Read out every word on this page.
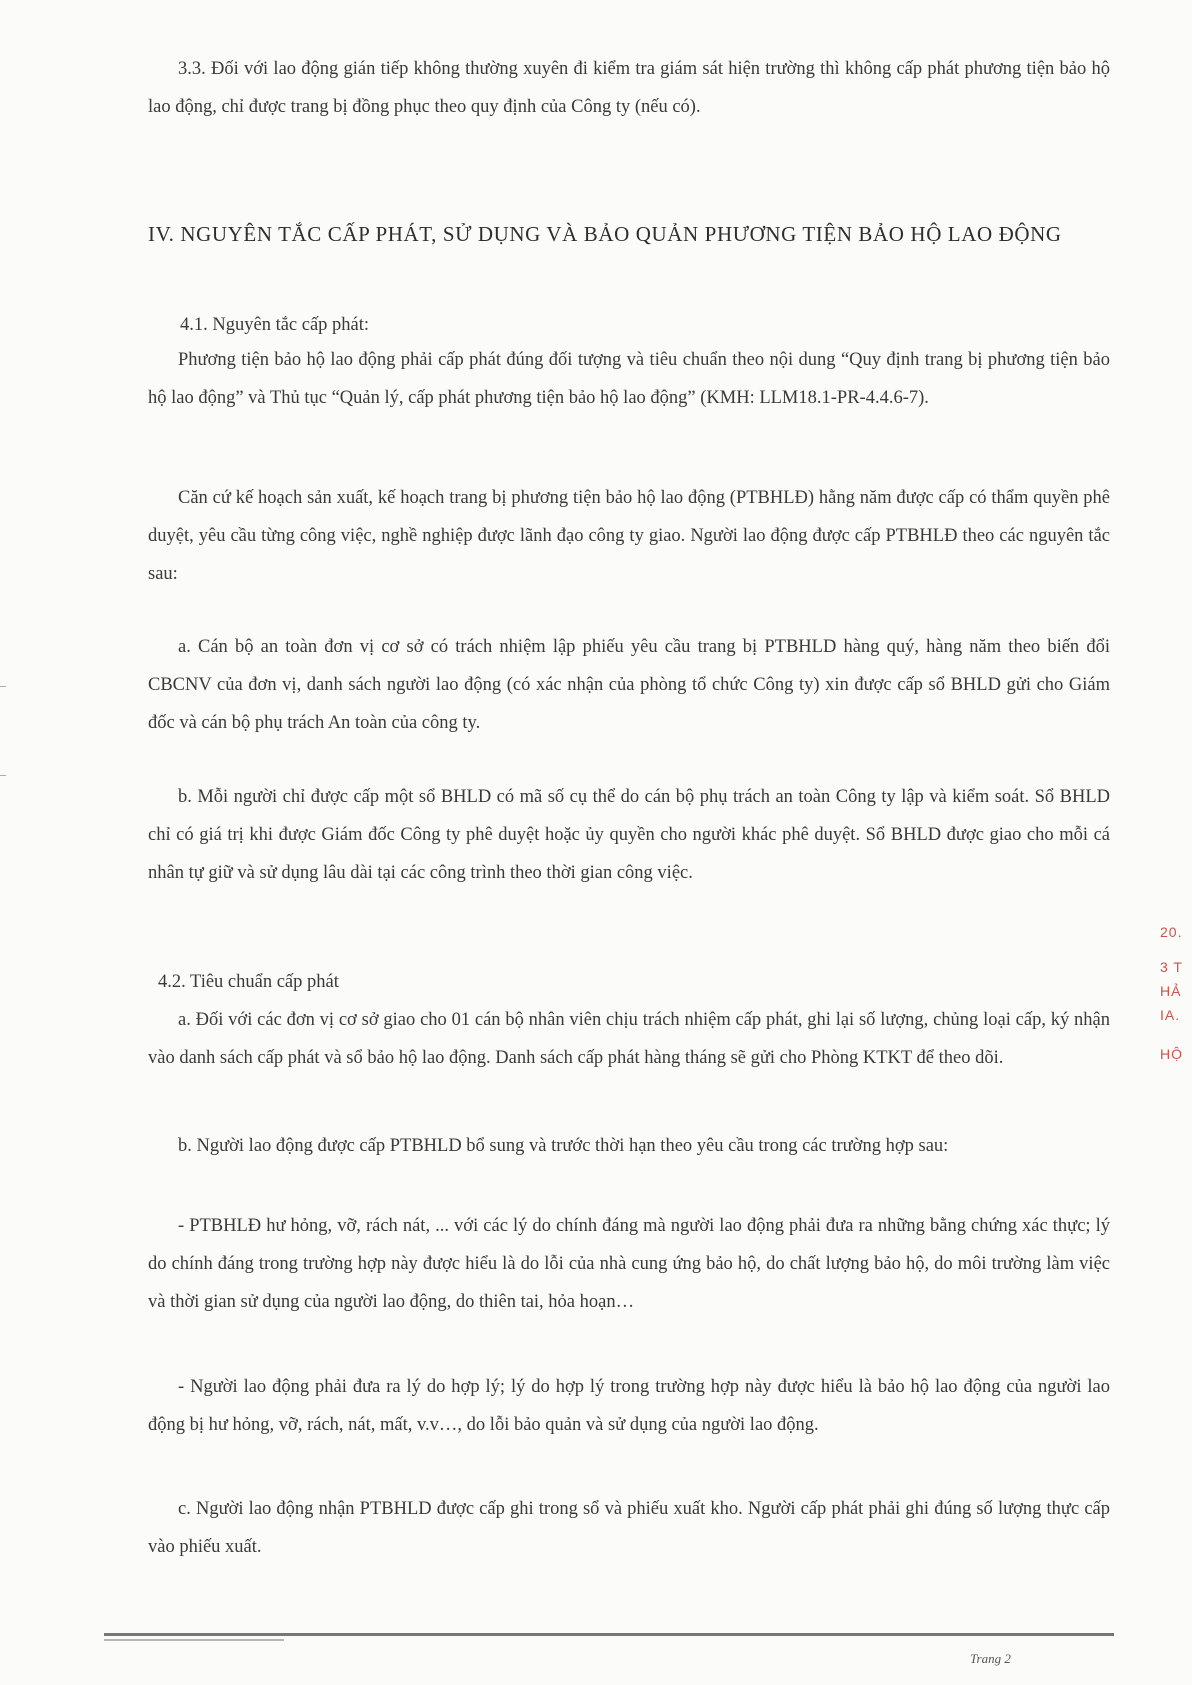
3.3. Đối với lao động gián tiếp không thường xuyên đi kiểm tra giám sát hiện trường thì không cấp phát phương tiện bảo hộ lao động, chỉ được trang bị đồng phục theo quy định của Công ty (nếu có).

IV. NGUYÊN TẮC CẤP PHÁT, SỬ DỤNG VÀ BẢO QUẢN PHƯƠNG TIỆN BẢO HỘ LAO ĐỘNG

4.1. Nguyên tắc cấp phát:

Phương tiện bảo hộ lao động phải cấp phát đúng đối tượng và tiêu chuẩn theo nội dung “Quy định trang bị phương tiện bảo hộ lao động” và Thủ tục “Quản lý, cấp phát phương tiện bảo hộ lao động” (KMH: LLM18.1-PR-4.4.6-7).

Căn cứ kế hoạch sản xuất, kế hoạch trang bị phương tiện bảo hộ lao động (PTBHLĐ) hằng năm được cấp có thẩm quyền phê duyệt, yêu cầu từng công việc, nghề nghiệp được lãnh đạo công ty giao. Người lao động được cấp PTBHLĐ theo các nguyên tắc sau:

a. Cán bộ an toàn đơn vị cơ sở có trách nhiệm lập phiếu yêu cầu trang bị PTBHLD hàng quý, hàng năm theo biến đổi CBCNV của đơn vị, danh sách người lao động (có xác nhận của phòng tổ chức Công ty) xin được cấp sổ BHLD gửi cho Giám đốc và cán bộ phụ trách An toàn của công ty.

b. Mỗi người chỉ được cấp một sổ BHLD có mã số cụ thể do cán bộ phụ trách an toàn Công ty lập và kiểm soát. Sổ BHLD chỉ có giá trị khi được Giám đốc Công ty phê duyệt hoặc ủy quyền cho người khác phê duyệt. Sổ BHLD được giao cho mỗi cá nhân tự giữ và sử dụng lâu dài tại các công trình theo thời gian công việc.

4.2. Tiêu chuẩn cấp phát

a. Đối với các đơn vị cơ sở giao cho 01 cán bộ nhân viên chịu trách nhiệm cấp phát, ghi lại số lượng, chủng loại cấp, ký nhận vào danh sách cấp phát và sổ bảo hộ lao động. Danh sách cấp phát hàng tháng sẽ gửi cho Phòng KTKT để theo dõi.

b. Người lao động được cấp PTBHLD bổ sung và trước thời hạn theo yêu cầu trong các trường hợp sau:

- PTBHLĐ hư hỏng, vỡ, rách nát, ... với các lý do chính đáng mà người lao động phải đưa ra những bằng chứng xác thực; lý do chính đáng trong trường hợp này được hiểu là do lỗi của nhà cung ứng bảo hộ, do chất lượng bảo hộ, do môi trường làm việc và thời gian sử dụng của người lao động, do thiên tai, hỏa hoạn…

- Người lao động phải đưa ra lý do hợp lý; lý do hợp lý trong trường hợp này được hiểu là bảo hộ lao động của người lao động bị hư hỏng, vỡ, rách, nát, mất, v.v…, do lỗi bảo quản và sử dụng của người lao động.

c. Người lao động nhận PTBHLD được cấp ghi trong sổ và phiếu xuất kho. Người cấp phát phải ghi đúng số lượng thực cấp vào phiếu xuất.

20.
3 T
HẢ
IA.
HỘ
Trang 2
